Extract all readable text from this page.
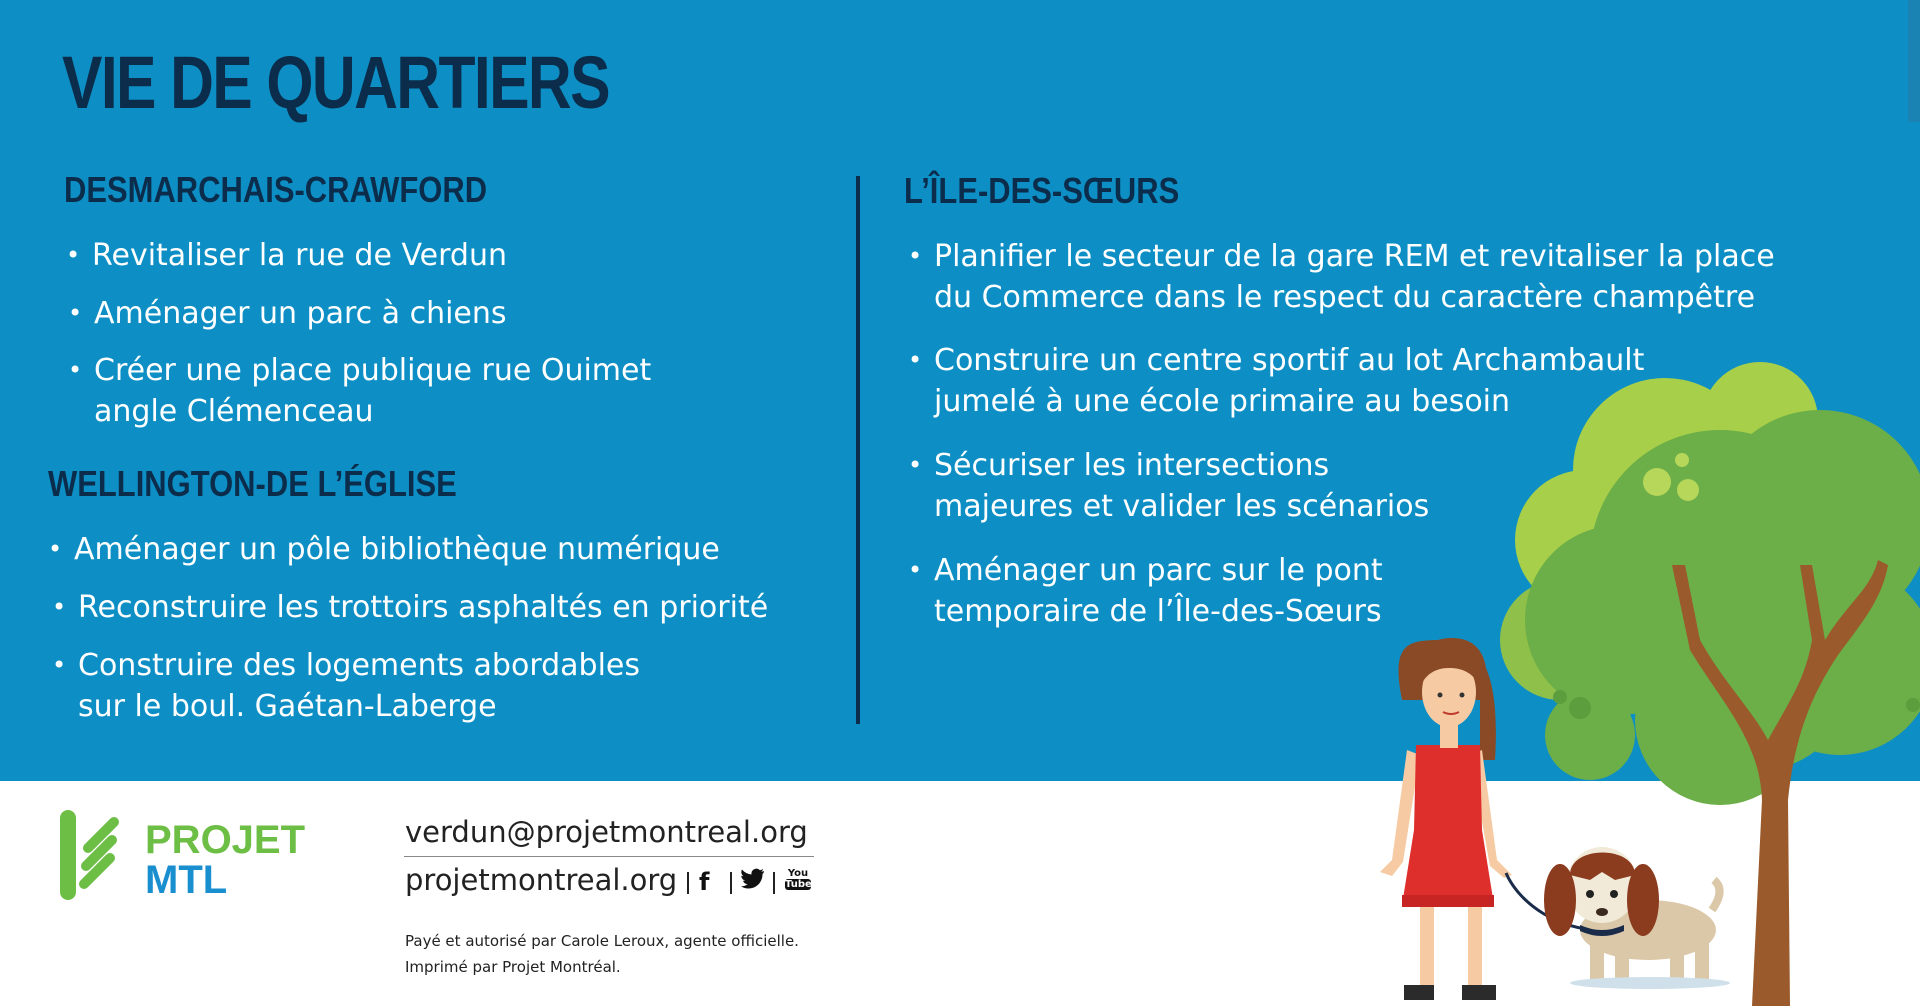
VIE DE QUARTIERS
DESMARCHAIS-CRAWFORD
• Revitaliser la rue de Verdun
• Aménager un parc à chiens
• Créer une place publique rue Ouimet
angle Clémenceau
WELLINGTON-DE L’ÉGLISE
• Aménager un pôle bibliothèque numérique
• Reconstruire les trottoirs asphaltés en priorité
• Construire des logements abordables
sur le boul. Gaétan-Laberge
L’ÎLE-DES-SŒURS
• Planifier le secteur de la gare REM et revitaliser la place
du Commerce dans le respect du caractère champêtre
• Construire un centre sportif au lot Archambault
jumelé à une école primaire au besoin
• Sécuriser les intersections
majeures et valider les scénarios
• Aménager un parc sur le pont
temporaire de l’Île-des-Sœurs
PROJET
MTL
verdun@projetmontreal.org
projetmontreal.org f	You
Tube
Payé et autorisé par Carole Leroux, agente officielle.
Imprimé par Projet Montréal.
